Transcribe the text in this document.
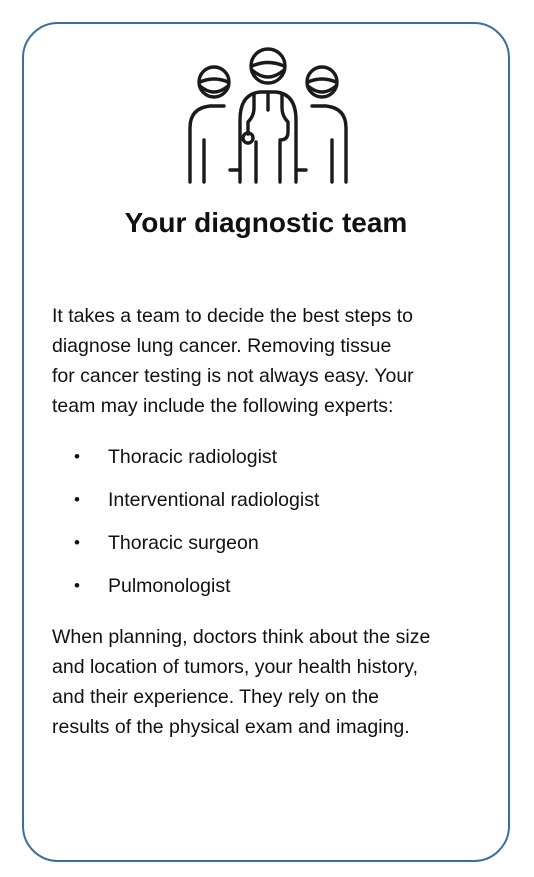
Your diagnostic team

It takes a team to decide the best steps to
diagnose lung cancer. Removing tissue
for cancer testing is not always easy. Your
team may include the following experts:

• Thoracic radiologist
• Interventional radiologist
• Thoracic surgeon
• Pulmonologist

When planning, doctors think about the size
and location of tumors, your health history,
and their experience. They rely on the
results of the physical exam and imaging.
